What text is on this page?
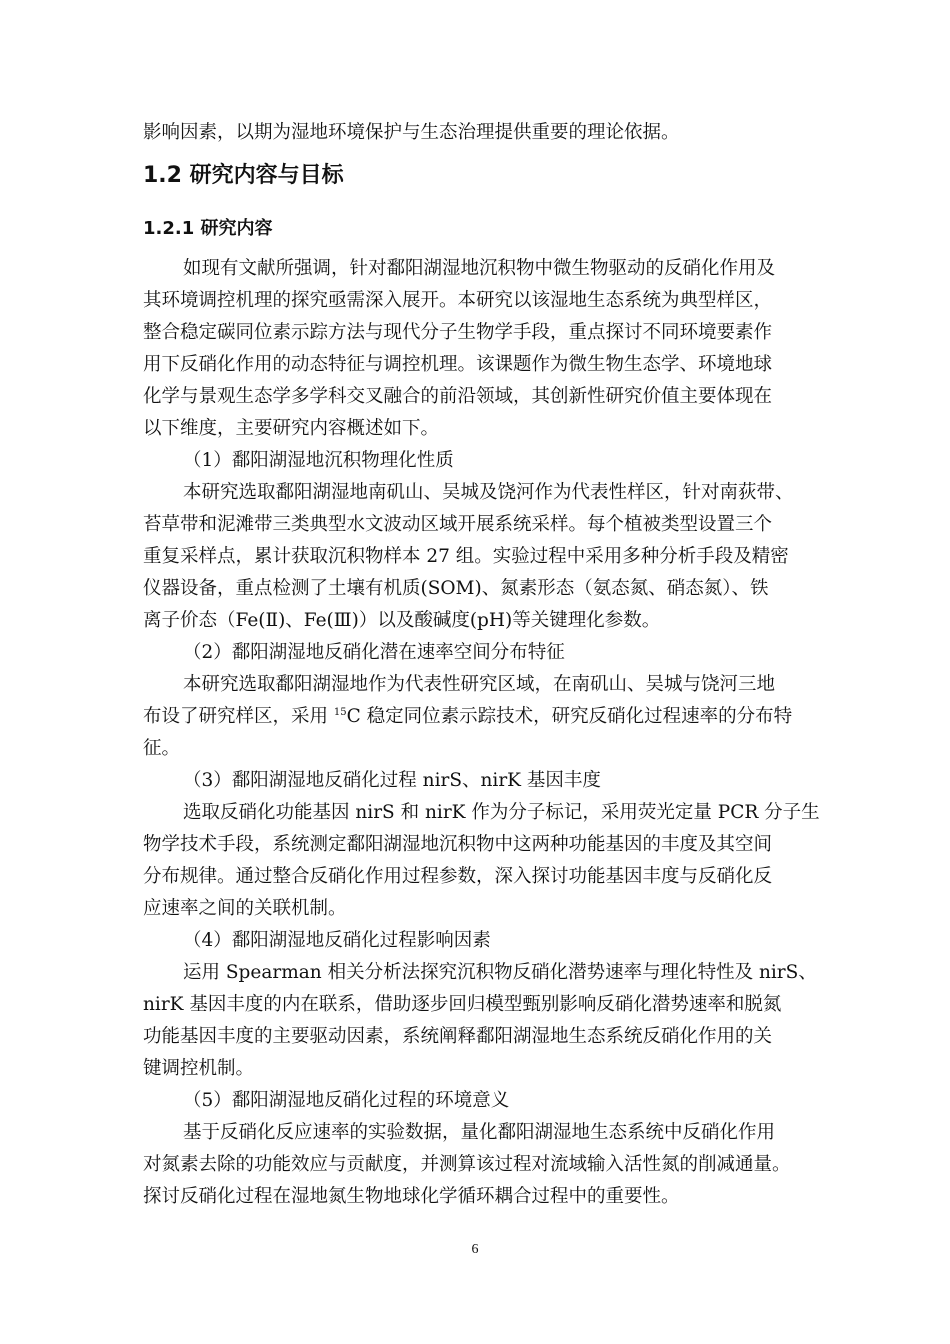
影响因素，以期为湿地环境保护与生态治理提供重要的理论依据。
1.2 研究内容与目标
1.2.1 研究内容
如现有文献所强调，针对鄱阳湖湿地沉积物中微生物驱动的反硝化作用及
其环境调控机理的探究亟需深入展开。本研究以该湿地生态系统为典型样区，
整合稳定碳同位素示踪方法与现代分子生物学手段，重点探讨不同环境要素作
用下反硝化作用的动态特征与调控机理。该课题作为微生物生态学、环境地球
化学与景观生态学多学科交叉融合的前沿领域，其创新性研究价值主要体现在
以下维度，主要研究内容概述如下。
（1）鄱阳湖湿地沉积物理化性质
本研究选取鄱阳湖湿地南矶山、吴城及饶河作为代表性样区，针对南荻带、
苔草带和泥滩带三类典型水文波动区域开展系统采样。每个植被类型设置三个
重复采样点，累计获取沉积物样本 27 组。实验过程中采用多种分析手段及精密
仪器设备，重点检测了土壤有机质(SOM)、氮素形态（氨态氮、硝态氮）、铁
离子价态（Fe(Ⅱ)、Fe(Ⅲ)）以及酸碱度(pH)等关键理化参数。
（2）鄱阳湖湿地反硝化潜在速率空间分布特征
本研究选取鄱阳湖湿地作为代表性研究区域，在南矶山、吴城与饶河三地
布设了研究样区，采用 $^{15}$C 稳定同位素示踪技术，研究反硝化过程速率的分布特
征。
（3）鄱阳湖湿地反硝化过程 nirS、nirK 基因丰度
选取反硝化功能基因 nirS 和 nirK 作为分子标记，采用荧光定量 PCR 分子生
物学技术手段，系统测定鄱阳湖湿地沉积物中这两种功能基因的丰度及其空间
分布规律。通过整合反硝化作用过程参数，深入探讨功能基因丰度与反硝化反
应速率之间的关联机制。
（4）鄱阳湖湿地反硝化过程影响因素
运用 Spearman 相关分析法探究沉积物反硝化潜势速率与理化特性及 nirS、
nirK 基因丰度的内在联系，借助逐步回归模型甄别影响反硝化潜势速率和脱氮
功能基因丰度的主要驱动因素，系统阐释鄱阳湖湿地生态系统反硝化作用的关
键调控机制。
（5）鄱阳湖湿地反硝化过程的环境意义
基于反硝化反应速率的实验数据，量化鄱阳湖湿地生态系统中反硝化作用
对氮素去除的功能效应与贡献度，并测算该过程对流域输入活性氮的削减通量。
探讨反硝化过程在湿地氮生物地球化学循环耦合过程中的重要性。
6
